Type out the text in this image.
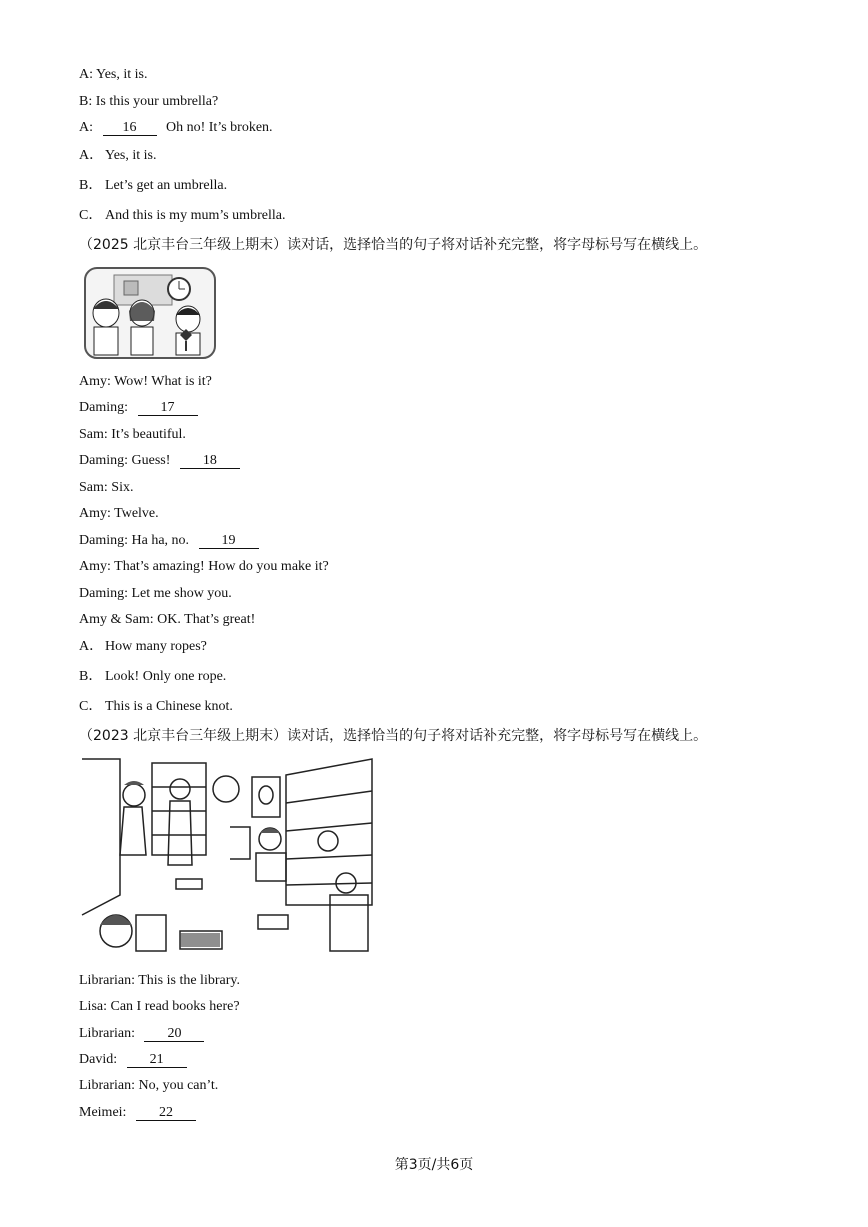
A: Yes, it is.
B: Is this your umbrella?
A: 16 Oh no! It’s broken.
A． Yes, it is.
B． Let’s get an umbrella.
C． And this is my mum’s umbrella.
（2025 北京丰台三年级上期末）读对话，选择恰当的句子将对话补充完整，将字母标号写在横线上。
Amy: Wow! What is it?
Daming: 17
Sam: It’s beautiful.
Daming: Guess! 18
Sam: Six.
Amy: Twelve.
Daming: Ha ha, no. 19
Amy: That’s amazing! How do you make it?
Daming: Let me show you.
Amy & Sam: OK. That’s great!
A． How many ropes?
B． Look! Only one rope.
C． This is a Chinese knot.
（2023 北京丰台三年级上期末）读对话，选择恰当的句子将对话补充完整，将字母标号写在横线上。
Librarian: This is the library.
Lisa: Can I read books here?
Librarian: 20
David: 21
Librarian: No, you can’t.
Meimei: 22
第3页/共6页
